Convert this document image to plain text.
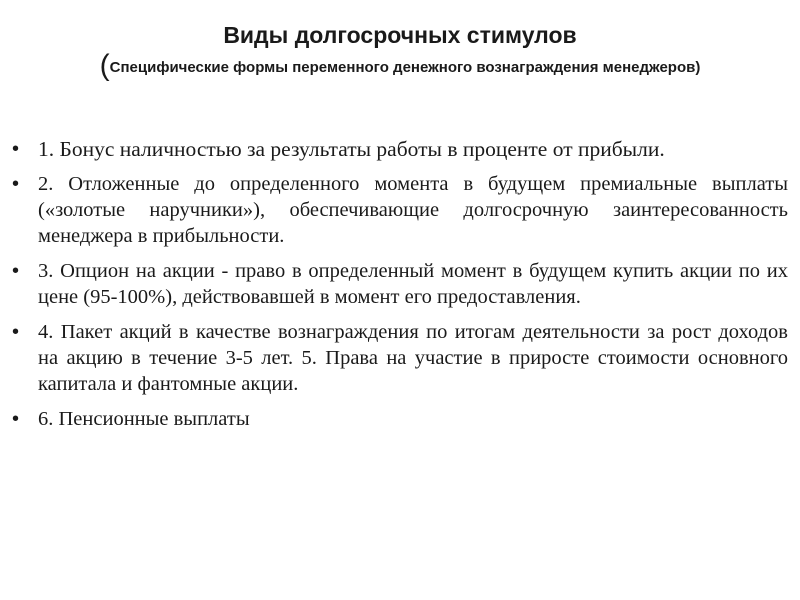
Виды долгосрочных стимулов

(Специфические формы переменного денежного вознаграждения менеджеров)

• 1. Бонус наличностью за результаты работы в проценте от прибыли.
• 2. Отложенные до определенного момента в будущем премиальные выплаты («золотые наручники»), обеспечивающие долгосрочную заинтересованность менеджера в прибыльности.
• 3. Опцион на акции - право в определенный момент в будущем купить акции по их цене (95-100%), действовавшей в момент его предоставления.
• 4. Пакет акций в качестве вознаграждения по итогам деятельности за рост доходов на акцию в течение 3-5 лет. 5. Права на участие в приросте стоимости основного капитала и фантомные акции.
• 6. Пенсионные выплаты
